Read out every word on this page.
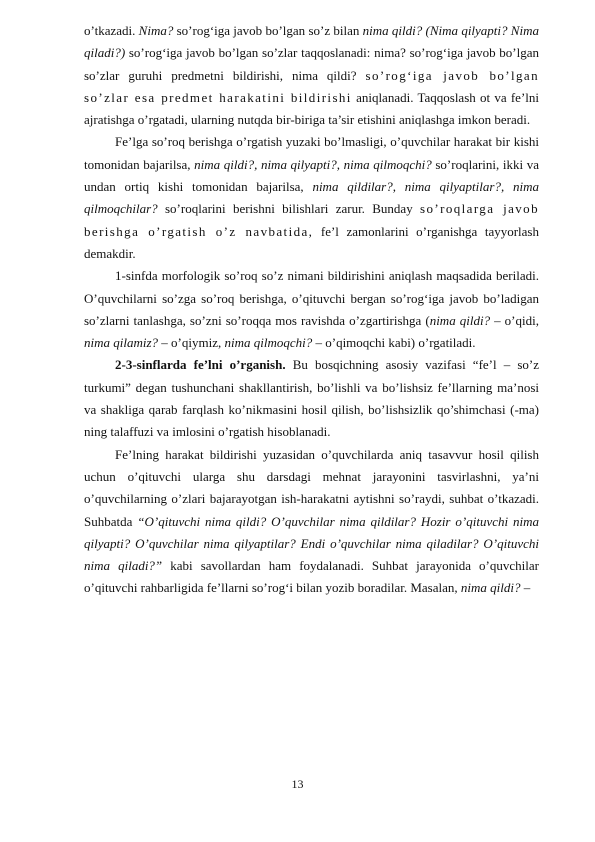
o’tkazadi. Nima? so’rog‘iga javob bo’lgan so’z bilan nima qildi? (Nima qilyapti? Nima qiladi?) so’rog‘iga javob bo’lgan so’zlar taqqoslanadi: nima? so’rog‘iga javob bo’lgan so’zlar guruhi predmetni bildirishi, nima qildi? so’rog‘iga javob bo’lgan so’zlar esa predmet harakatini bildirishi aniqlanadi. Taqqoslash ot va fe’lni ajratishga o’rgatadi, ularning nutqda bir-biriga ta’sir etishini aniqlashga imkon beradi.

Fe’lga so’roq berishga o’rgatish yuzaki bo’lmasligi, o’quvchilar harakat bir kishi tomonidan bajarilsa, nima qildi?, nima qilyapti?, nima qilmoqchi? so’roqlarini, ikki va undan ortiq kishi tomonidan bajarilsa, nima qildilar?, nima qilyaptilar?, nima qilmoqchilar? so’roqlarini berishni bilishlari zarur. Bunday so’roqlarga javob berishga o’rgatish o’z navbatida, fe’l zamonlarini o’rganishga tayyorlash demakdir.

1-sinfda morfologik so’roq so’z nimani bildirishini aniqlash maqsadida beriladi. O’quvchilarni so’zga so’roq berishga, o’qituvchi bergan so’rog‘iga javob bo’ladigan so’zlarni tanlashga, so’zni so’roqqa mos ravishda o’zgartirishga (nima qildi? – o’qidi, nima qilamiz? – o’qiymiz, nima qilmoqchi? – o’qimoqchi kabi) o’rgatiladi.

2-3-sinflarda fe’lni o’rganish. Bu bosqichning asosiy vazifasi “fe’l – so’z turkumi” degan tushunchani shakllantirish, bo’lishli va bo’lishsiz fe’llarning ma’nosi va shakliga qarab farqlash ko’nikmasini hosil qilish, bo’lishsizlik qo’shimchasi (-ma) ning talaffuzi va imlosini o’rgatish hisoblanadi.

Fe’lning harakat bildirishi yuzasidan o’quvchilarda aniq tasavvur hosil qilish uchun o’qituvchi ularga shu darsdagi mehnat jarayonini tasvirlashni, ya’ni o’quvchilarning o’zlari bajarayotgan ish-harakatni aytishni so’raydi, suhbat o’tkazadi. Suhbatda “O’qituvchi nima qildi? O’quvchilar nima qildilar? Hozir o’qituvchi nima qilyapti? O’quvchilar nima qilyaptilar? Endi o’quvchilar nima qiladilar? O’qituvchi nima qiladi?” kabi savollardan ham foydalanadi. Suhbat jarayonida o’quvchilar o’qituvchi rahbarligida fe’llarni so’rog‘i bilan yozib boradilar. Masalan, nima qildi? –

13
